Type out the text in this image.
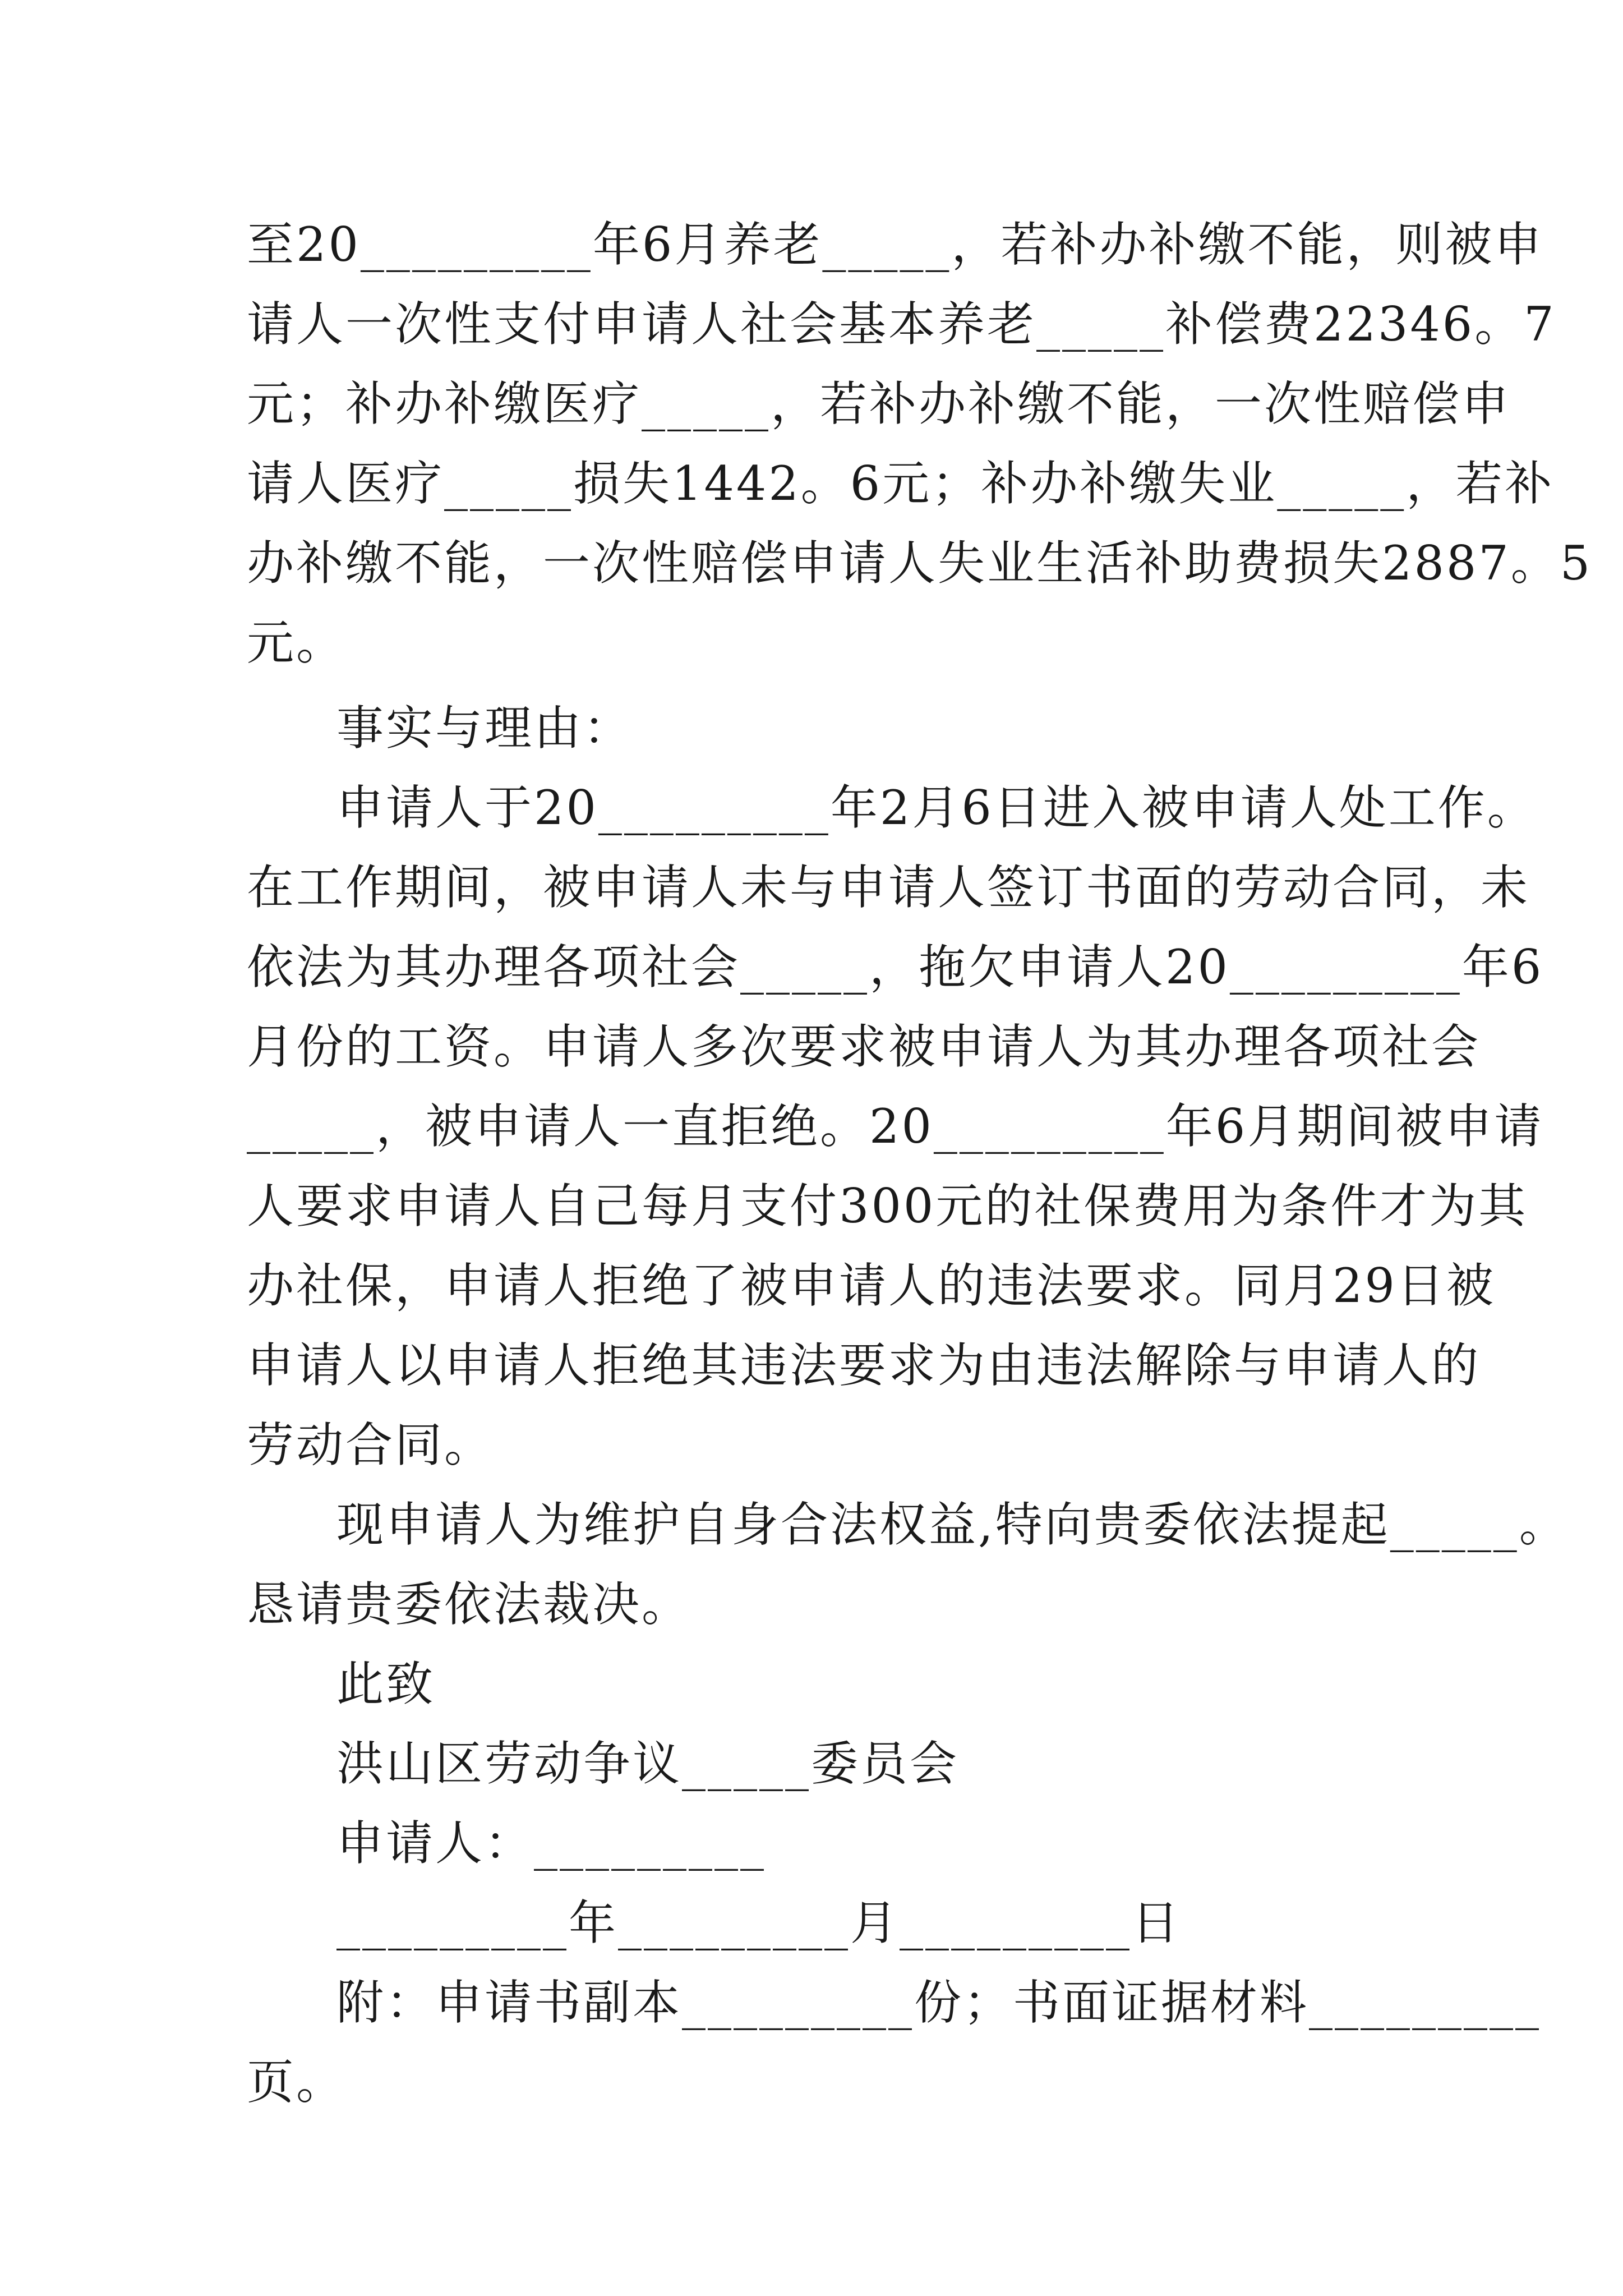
至20_________年6月养老_____，若补办补缴不能，则被申
请人一次性支付申请人社会基本养老_____补偿费22346。7
元；补办补缴医疗_____，若补办补缴不能，一次性赔偿申
请人医疗_____损失1442。6元；补办补缴失业_____，若补
办补缴不能，一次性赔偿申请人失业生活补助费损失2887。5
元。
事实与理由：
申请人于20_________年2月6日进入被申请人处工作。
在工作期间，被申请人未与申请人签订书面的劳动合同，未
依法为其办理各项社会_____，拖欠申请人20_________年6
月份的工资。申请人多次要求被申请人为其办理各项社会
_____，被申请人一直拒绝。20_________年6月期间被申请
人要求申请人自己每月支付300元的社保费用为条件才为其
办社保，申请人拒绝了被申请人的违法要求。同月29日被
申请人以申请人拒绝其违法要求为由违法解除与申请人的
劳动合同。
现申请人为维护自身合法权益,特向贵委依法提起_____。
恳请贵委依法裁决。
此致
洪山区劳动争议_____委员会
申请人：_________
_________年_________月_________日
附：申请书副本_________份；书面证据材料_________
页。
